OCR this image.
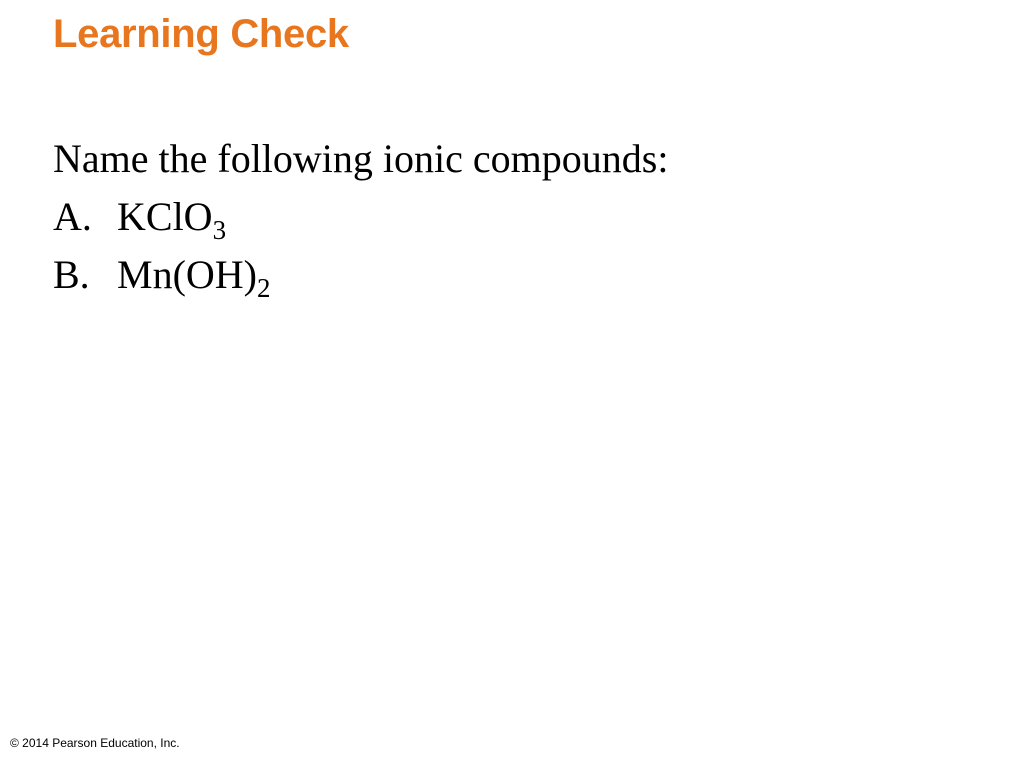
Learning Check
Name the following ionic compounds:
A. KClO$_3$
B. $Mn(OH)_2$
© 2014 Pearson Education, Inc.
